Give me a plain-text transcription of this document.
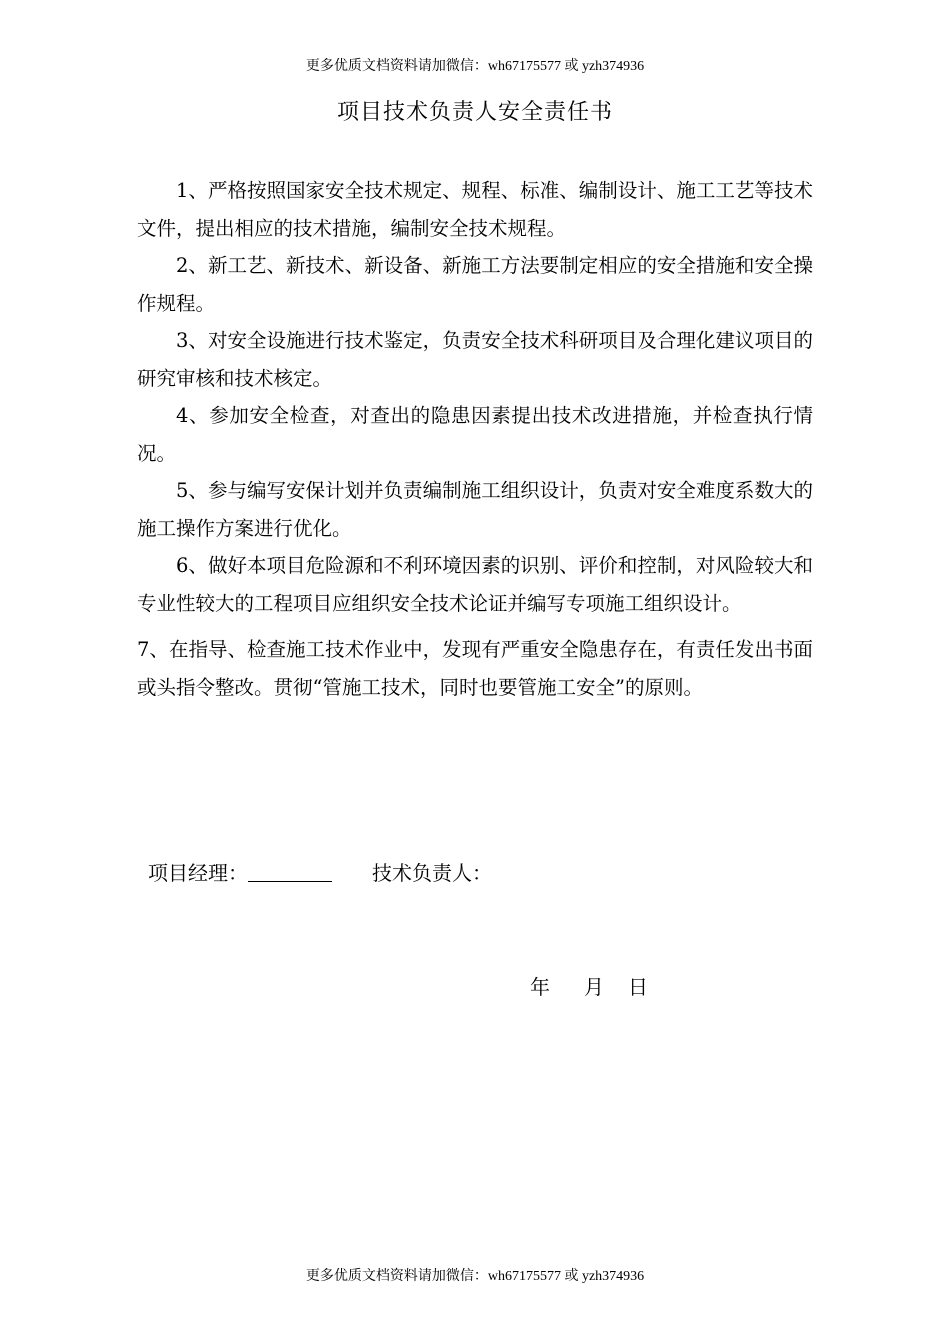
更多优质文档资料请加微信：wh67175577 或 yzh374936
项目技术负责人安全责任书

1、严格按照国家安全技术规定、规程、标准、编制设计、施工工艺等技术文件，提出相应的技术措施，编制安全技术规程。

2、新工艺、新技术、新设备、新施工方法要制定相应的安全措施和安全操作规程。

3、对安全设施进行技术鉴定，负责安全技术科研项目及合理化建议项目的研究审核和技术核定。

4、参加安全检查，对查出的隐患因素提出技术改进措施，并检查执行情况。

5、参与编写安保计划并负责编制施工组织设计，负责对安全难度系数大的施工操作方案进行优化。

6、做好本项目危险源和不利环境因素的识别、评价和控制，对风险较大和专业性较大的工程项目应组织安全技术论证并编写专项施工组织设计。

7、在指导、检查施工技术作业中，发现有严重安全隐患存在，有责任发出书面或头指令整改。贯彻“管施工技术，同时也要管施工安全”的原则。

项目经理：	技术负责人：
年 月 日
更多优质文档资料请加微信：wh67175577 或 yzh374936
